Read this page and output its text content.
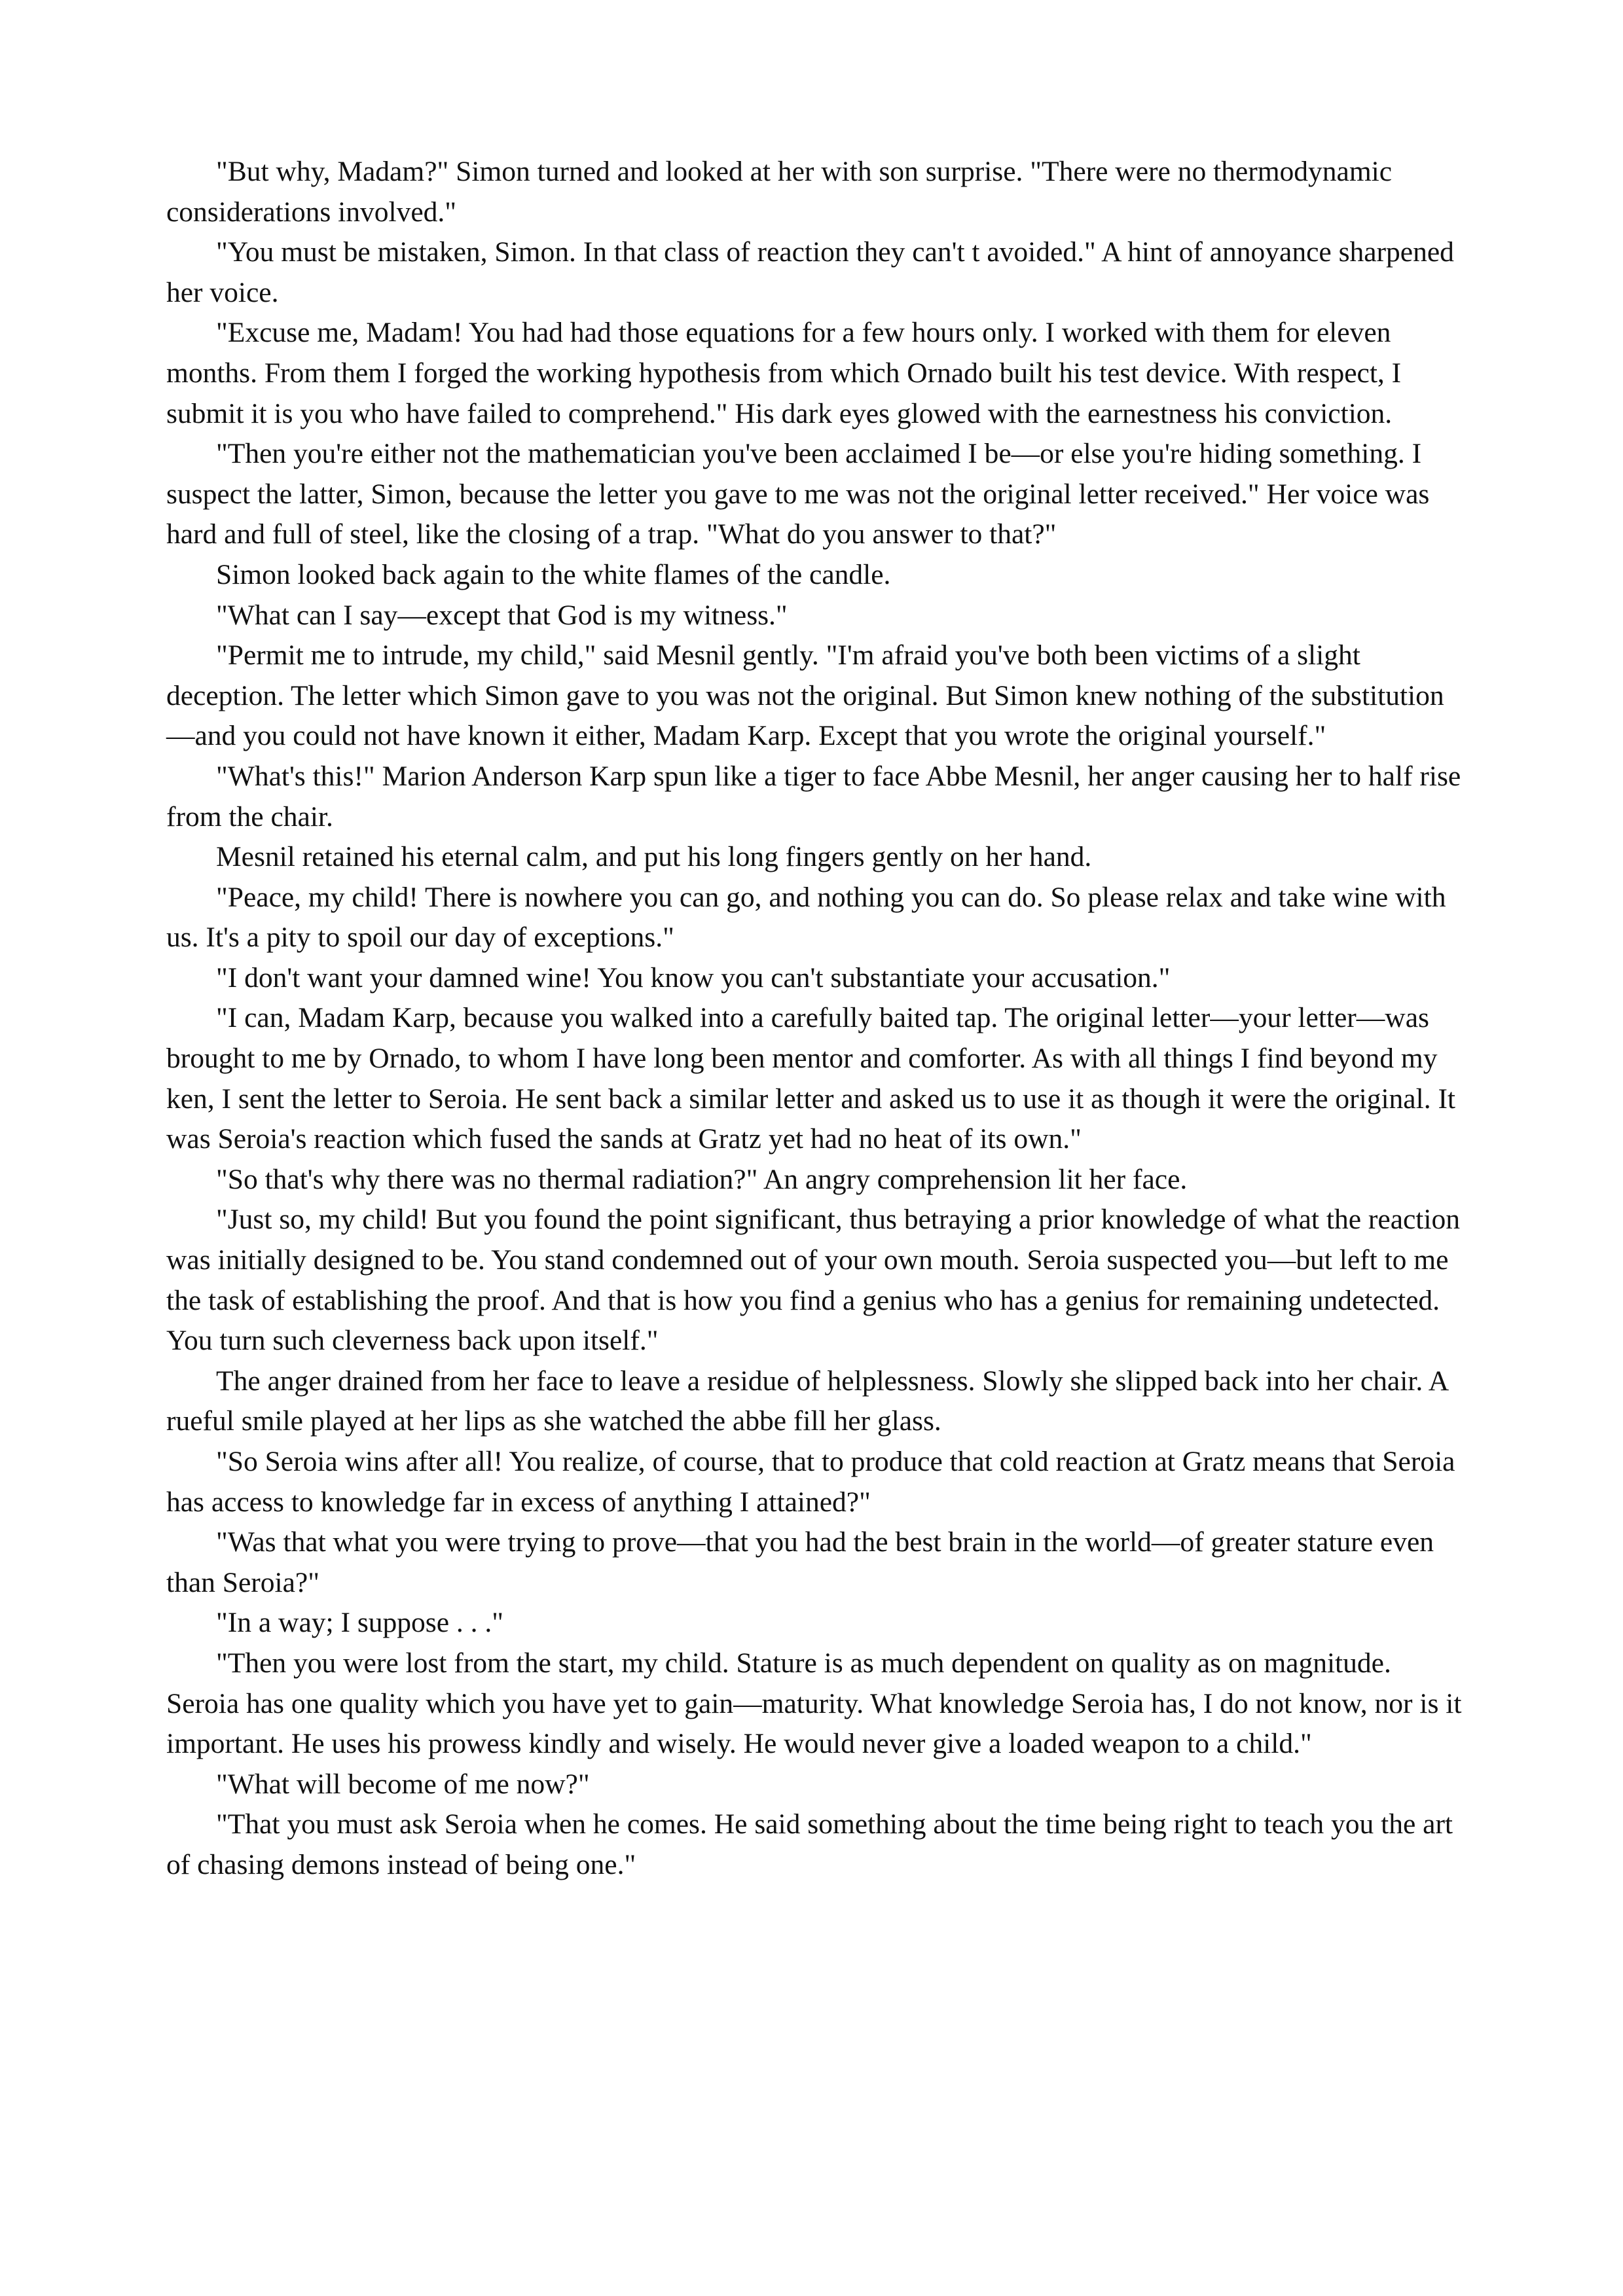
"But why, Madam?" Simon turned and looked at her with son surprise. "There were no thermodynamic considerations involved."

"You must be mistaken, Simon. In that class of reaction they can't t avoided." A hint of annoyance sharpened her voice.

"Excuse me, Madam! You had had those equations for a few hours only. I worked with them for eleven months. From them I forged the working hypothesis from which Ornado built his test device. With respect, I submit it is you who have failed to comprehend." His dark eyes glowed with the earnestness his conviction.

"Then you're either not the mathematician you've been acclaimed I be—or else you're hiding something. I suspect the latter, Simon, because the letter you gave to me was not the original letter received." Her voice was hard and full of steel, like the closing of a trap. "What do you answer to that?"

Simon looked back again to the white flames of the candle.

"What can I say—except that God is my witness."

"Permit me to intrude, my child," said Mesnil gently. "I'm afraid you've both been victims of a slight deception. The letter which Simon gave to you was not the original. But Simon knew nothing of the substitution—and you could not have known it either, Madam Karp. Except that you wrote the original yourself."

"What's this!" Marion Anderson Karp spun like a tiger to face Abbe Mesnil, her anger causing her to half rise from the chair.

Mesnil retained his eternal calm, and put his long fingers gently on her hand.

"Peace, my child! There is nowhere you can go, and nothing you can do. So please relax and take wine with us. It's a pity to spoil our day of exceptions."

"I don't want your damned wine! You know you can't substantiate your accusation."

"I can, Madam Karp, because you walked into a carefully baited tap. The original letter—your letter—was brought to me by Ornado, to whom I have long been mentor and comforter. As with all things I find beyond my ken, I sent the letter to Seroia. He sent back a similar letter and asked us to use it as though it were the original. It was Seroia's reaction which fused the sands at Gratz yet had no heat of its own."

"So that's why there was no thermal radiation?" An angry comprehension lit her face.

"Just so, my child! But you found the point significant, thus betraying a prior knowledge of what the reaction was initially designed to be. You stand condemned out of your own mouth. Seroia suspected you—but left to me the task of establishing the proof. And that is how you find a genius who has a genius for remaining undetected. You turn such cleverness back upon itself."

The anger drained from her face to leave a residue of helplessness. Slowly she slipped back into her chair. A rueful smile played at her lips as she watched the abbe fill her glass.

"So Seroia wins after all! You realize, of course, that to produce that cold reaction at Gratz means that Seroia has access to knowledge far in excess of anything I attained?"

"Was that what you were trying to prove—that you had the best brain in the world—of greater stature even than Seroia?"

"In a way; I suppose . . ."

"Then you were lost from the start, my child. Stature is as much dependent on quality as on magnitude. Seroia has one quality which you have yet to gain—maturity. What knowledge Seroia has, I do not know, nor is it important. He uses his prowess kindly and wisely. He would never give a loaded weapon to a child."

"What will become of me now?"

"That you must ask Seroia when he comes. He said something about the time being right to teach you the art of chasing demons instead of being one."
